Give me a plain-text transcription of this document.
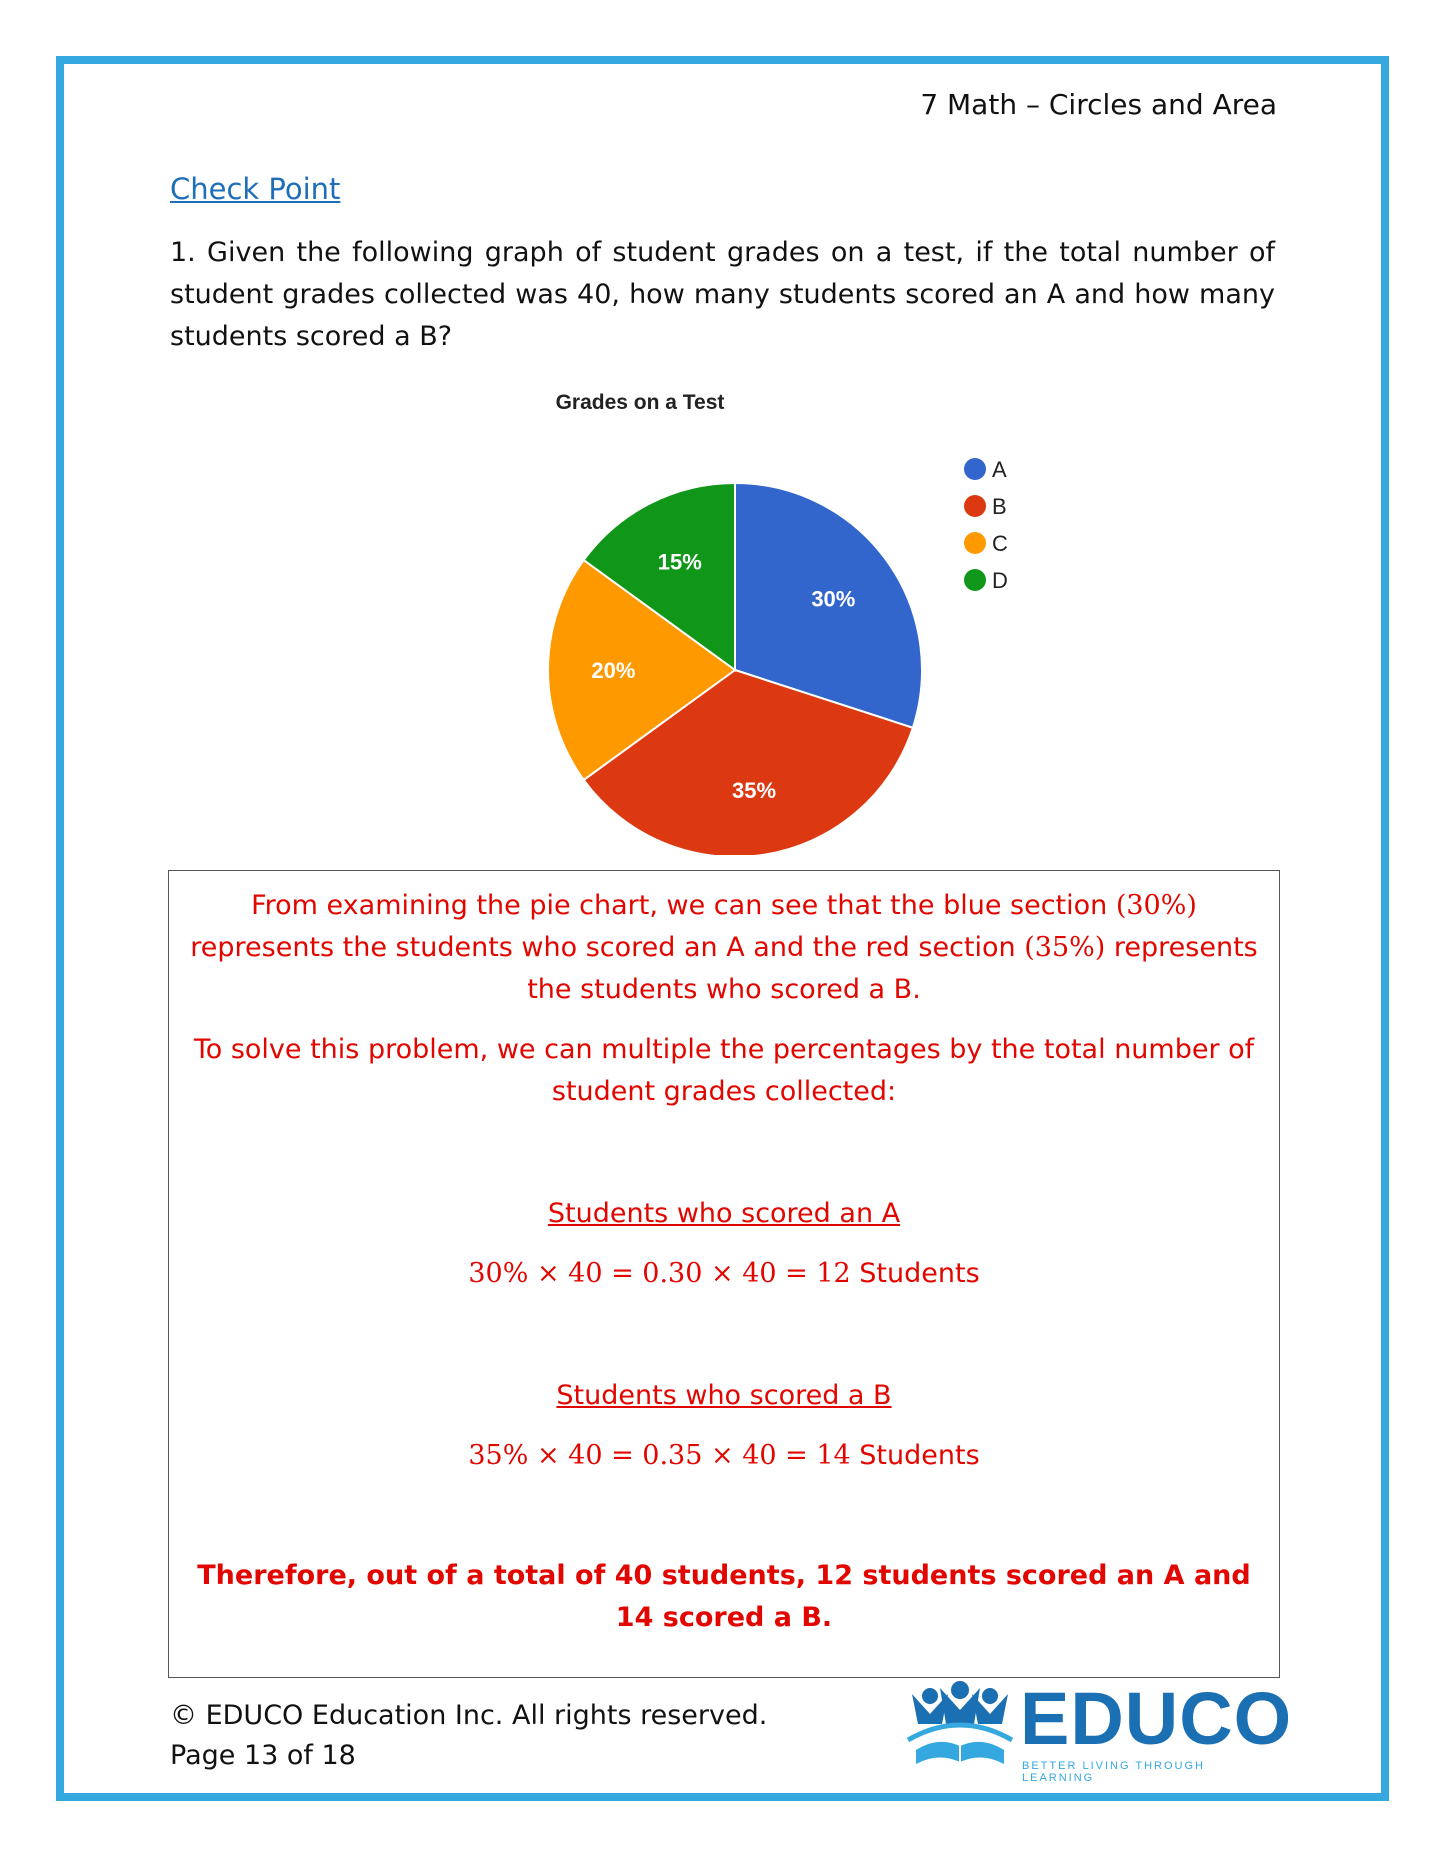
7 Math – Circles and Area
Check Point
1. Given the following graph of student grades on a test, if the total number of student grades collected was 40, how many students scored an A and how many students scored a B?
Grades on a Test
30%
35%
20%
15%
A
B
C
D

From examining the pie chart, we can see that the blue section (30%) represents the students who scored an A and the red section (35%) represents the students who scored a B.

To solve this problem, we can multiple the percentages by the total number of student grades collected:

Students who scored an A

30% × 40 = 0.30 × 40 = 12 Students

Students who scored a B

35% × 40 = 0.35 × 40 = 14 Students

Therefore, out of a total of 40 students, 12 students scored an A and 14 scored a B.

© EDUCO Education Inc. All rights reserved.
Page 13 of 18	EDUCO
BETTER LIVING THROUGH LEARNING
